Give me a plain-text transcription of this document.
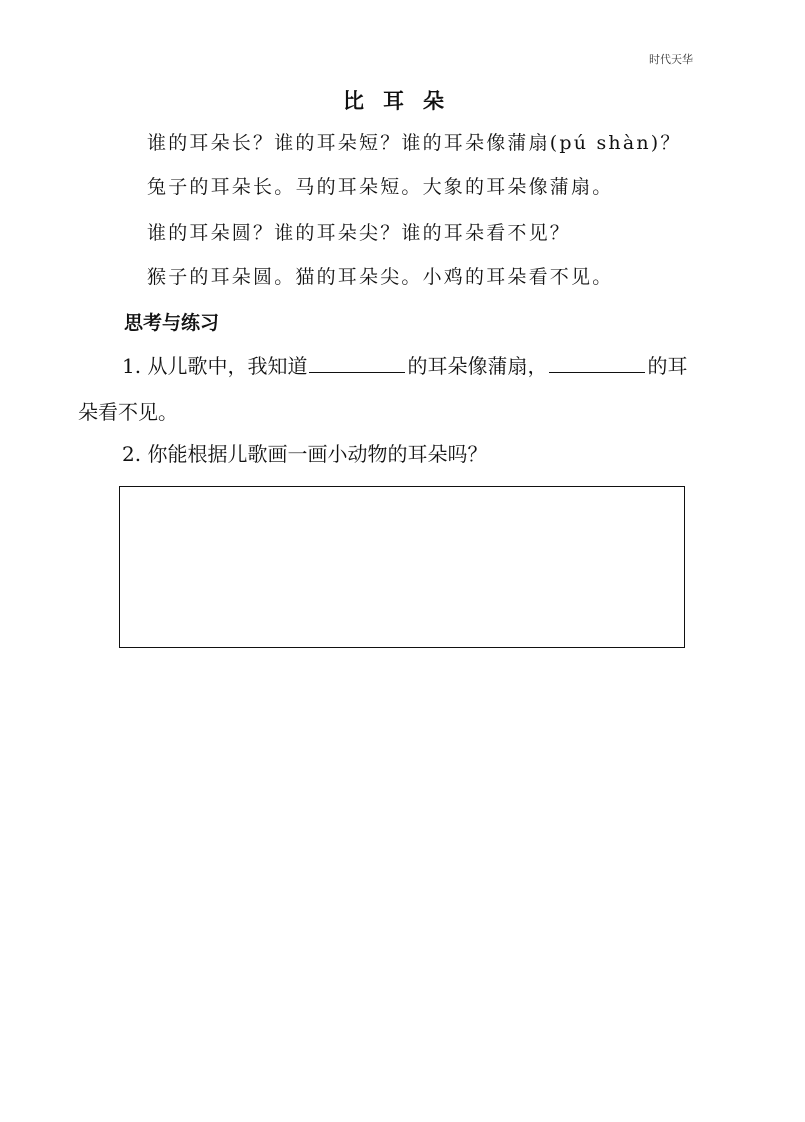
时代天华
比耳朵
谁的耳朵长？谁的耳朵短？谁的耳朵像蒲扇(pú shàn)？
兔子的耳朵长。马的耳朵短。大象的耳朵像蒲扇。
谁的耳朵圆？谁的耳朵尖？谁的耳朵看不见？
猴子的耳朵圆。猫的耳朵尖。小鸡的耳朵看不见。
思考与练习
1. 从儿歌中，我知道	的耳朵像蒲扇，	的耳
朵看不见。
2. 你能根据儿歌画一画小动物的耳朵吗？
